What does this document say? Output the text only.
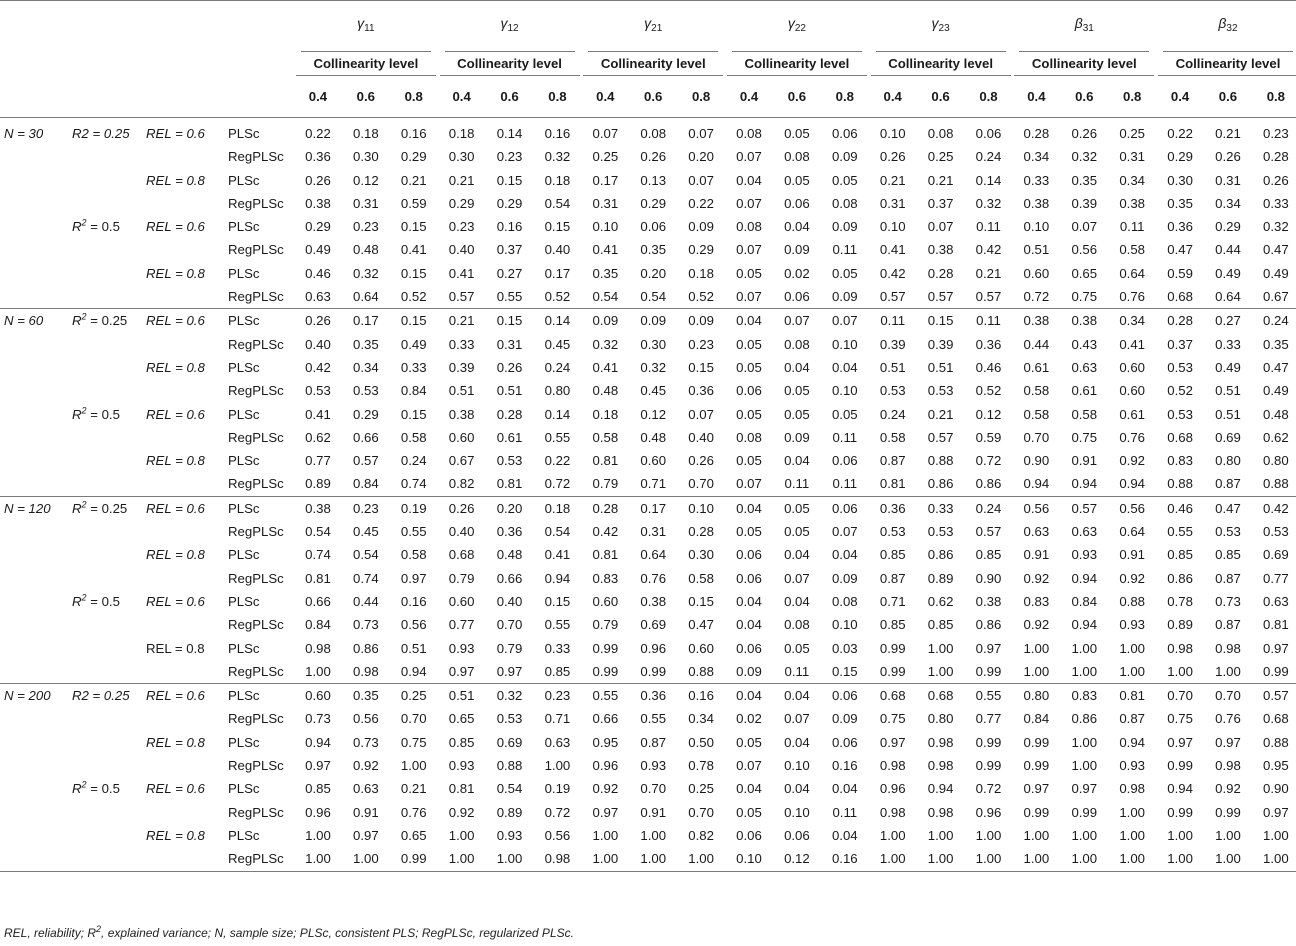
				$\gamma_{11}$			$\gamma_{12}$			$\gamma_{21}$			$\gamma_{22}$			$\gamma_{23}$			$\beta_{31}$			$\beta_{32}$
				Collinearity level			Collinearity level			Collinearity level			Collinearity level			Collinearity level			Collinearity level			Collinearity level		
				0.4	0.6	0.8	0.4	0.6	0.8	0.4	0.6	0.8	0.4	0.6	0.8	0.4	0.6	0.8	0.4	0.6	0.8	0.4	0.6	0.8
N = 30	R2 = 0.25	REL = 0.6	PLSc	0.22	0.18	0.16	0.18	0.14	0.16	0.07	0.08	0.07	0.08	0.05	0.06	0.10	0.08	0.06	0.28	0.26	0.25	0.22	0.21	0.23
			RegPLSc	0.36	0.30	0.29	0.30	0.23	0.32	0.25	0.26	0.20	0.07	0.08	0.09	0.26	0.25	0.24	0.34	0.32	0.31	0.29	0.26	0.28
		REL = 0.8	PLSc	0.26	0.12	0.21	0.21	0.15	0.18	0.17	0.13	0.07	0.04	0.05	0.05	0.21	0.21	0.14	0.33	0.35	0.34	0.30	0.31	0.26
			RegPLSc	0.38	0.31	0.59	0.29	0.29	0.54	0.31	0.29	0.22	0.07	0.06	0.08	0.31	0.37	0.32	0.38	0.39	0.38	0.35	0.34	0.33
	$R^2 = 0.5$	REL = 0.6	PLSc	0.29	0.23	0.15	0.23	0.16	0.15	0.10	0.06	0.09	0.08	0.04	0.09	0.10	0.07	0.11	0.10	0.07	0.11	0.36	0.29	0.32
			RegPLSc	0.49	0.48	0.41	0.40	0.37	0.40	0.41	0.35	0.29	0.07	0.09	0.11	0.41	0.38	0.42	0.51	0.56	0.58	0.47	0.44	0.47
		REL = 0.8	PLSc	0.46	0.32	0.15	0.41	0.27	0.17	0.35	0.20	0.18	0.05	0.02	0.05	0.42	0.28	0.21	0.60	0.65	0.64	0.59	0.49	0.49
			RegPLSc	0.63	0.64	0.52	0.57	0.55	0.52	0.54	0.54	0.52	0.07	0.06	0.09	0.57	0.57	0.57	0.72	0.75	0.76	0.68	0.64	0.67
N = 60	$R^2 = 0.25$	REL = 0.6	PLSc	0.26	0.17	0.15	0.21	0.15	0.14	0.09	0.09	0.09	0.04	0.07	0.07	0.11	0.15	0.11	0.38	0.38	0.34	0.28	0.27	0.24
			RegPLSc	0.40	0.35	0.49	0.33	0.31	0.45	0.32	0.30	0.23	0.05	0.08	0.10	0.39	0.39	0.36	0.44	0.43	0.41	0.37	0.33	0.35
		REL = 0.8	PLSc	0.42	0.34	0.33	0.39	0.26	0.24	0.41	0.32	0.15	0.05	0.04	0.04	0.51	0.51	0.46	0.61	0.63	0.60	0.53	0.49	0.47
			RegPLSc	0.53	0.53	0.84	0.51	0.51	0.80	0.48	0.45	0.36	0.06	0.05	0.10	0.53	0.53	0.52	0.58	0.61	0.60	0.52	0.51	0.49
	$R^2 = 0.5$	REL = 0.6	PLSc	0.41	0.29	0.15	0.38	0.28	0.14	0.18	0.12	0.07	0.05	0.05	0.05	0.24	0.21	0.12	0.58	0.58	0.61	0.53	0.51	0.48
			RegPLSc	0.62	0.66	0.58	0.60	0.61	0.55	0.58	0.48	0.40	0.08	0.09	0.11	0.58	0.57	0.59	0.70	0.75	0.76	0.68	0.69	0.62
		REL = 0.8	PLSc	0.77	0.57	0.24	0.67	0.53	0.22	0.81	0.60	0.26	0.05	0.04	0.06	0.87	0.88	0.72	0.90	0.91	0.92	0.83	0.80	0.80
			RegPLSc	0.89	0.84	0.74	0.82	0.81	0.72	0.79	0.71	0.70	0.07	0.11	0.11	0.81	0.86	0.86	0.94	0.94	0.94	0.88	0.87	0.88
N = 120	$R^2 = 0.25$	REL = 0.6	PLSc	0.38	0.23	0.19	0.26	0.20	0.18	0.28	0.17	0.10	0.04	0.05	0.06	0.36	0.33	0.24	0.56	0.57	0.56	0.46	0.47	0.42
			RegPLSc	0.54	0.45	0.55	0.40	0.36	0.54	0.42	0.31	0.28	0.05	0.05	0.07	0.53	0.53	0.57	0.63	0.63	0.64	0.55	0.53	0.53
		REL = 0.8	PLSc	0.74	0.54	0.58	0.68	0.48	0.41	0.81	0.64	0.30	0.06	0.04	0.04	0.85	0.86	0.85	0.91	0.93	0.91	0.85	0.85	0.69
			RegPLSc	0.81	0.74	0.97	0.79	0.66	0.94	0.83	0.76	0.58	0.06	0.07	0.09	0.87	0.89	0.90	0.92	0.94	0.92	0.86	0.87	0.77
	$R^2 = 0.5$	REL = 0.6	PLSc	0.66	0.44	0.16	0.60	0.40	0.15	0.60	0.38	0.15	0.04	0.04	0.08	0.71	0.62	0.38	0.83	0.84	0.88	0.78	0.73	0.63
			RegPLSc	0.84	0.73	0.56	0.77	0.70	0.55	0.79	0.69	0.47	0.04	0.08	0.10	0.85	0.85	0.86	0.92	0.94	0.93	0.89	0.87	0.81
		REL = 0.8	PLSc	0.98	0.86	0.51	0.93	0.79	0.33	0.99	0.96	0.60	0.06	0.05	0.03	0.99	1.00	0.97	1.00	1.00	1.00	0.98	0.98	0.97
			RegPLSc	1.00	0.98	0.94	0.97	0.97	0.85	0.99	0.99	0.88	0.09	0.11	0.15	0.99	1.00	0.99	1.00	1.00	1.00	1.00	1.00	0.99
N = 200	R2 = 0.25	REL = 0.6	PLSc	0.60	0.35	0.25	0.51	0.32	0.23	0.55	0.36	0.16	0.04	0.04	0.06	0.68	0.68	0.55	0.80	0.83	0.81	0.70	0.70	0.57
			RegPLSc	0.73	0.56	0.70	0.65	0.53	0.71	0.66	0.55	0.34	0.02	0.07	0.09	0.75	0.80	0.77	0.84	0.86	0.87	0.75	0.76	0.68
		REL = 0.8	PLSc	0.94	0.73	0.75	0.85	0.69	0.63	0.95	0.87	0.50	0.05	0.04	0.06	0.97	0.98	0.99	0.99	1.00	0.94	0.97	0.97	0.88
			RegPLSc	0.97	0.92	1.00	0.93	0.88	1.00	0.96	0.93	0.78	0.07	0.10	0.16	0.98	0.98	0.99	0.99	1.00	0.93	0.99	0.98	0.95
	$R^2 = 0.5$	REL = 0.6	PLSc	0.85	0.63	0.21	0.81	0.54	0.19	0.92	0.70	0.25	0.04	0.04	0.04	0.96	0.94	0.72	0.97	0.97	0.98	0.94	0.92	0.90
			RegPLSc	0.96	0.91	0.76	0.92	0.89	0.72	0.97	0.91	0.70	0.05	0.10	0.11	0.98	0.98	0.96	0.99	0.99	1.00	0.99	0.99	0.97
		REL = 0.8	PLSc	1.00	0.97	0.65	1.00	0.93	0.56	1.00	1.00	0.82	0.06	0.06	0.04	1.00	1.00	1.00	1.00	1.00	1.00	1.00	1.00	1.00
			RegPLSc	1.00	1.00	0.99	1.00	1.00	0.98	1.00	1.00	1.00	0.10	0.12	0.16	1.00	1.00	1.00	1.00	1.00	1.00	1.00	1.00	1.00
REL, reliability; $R^2$, explained variance; N, sample size; PLSc, consistent PLS; RegPLSc, regularized PLSc.
